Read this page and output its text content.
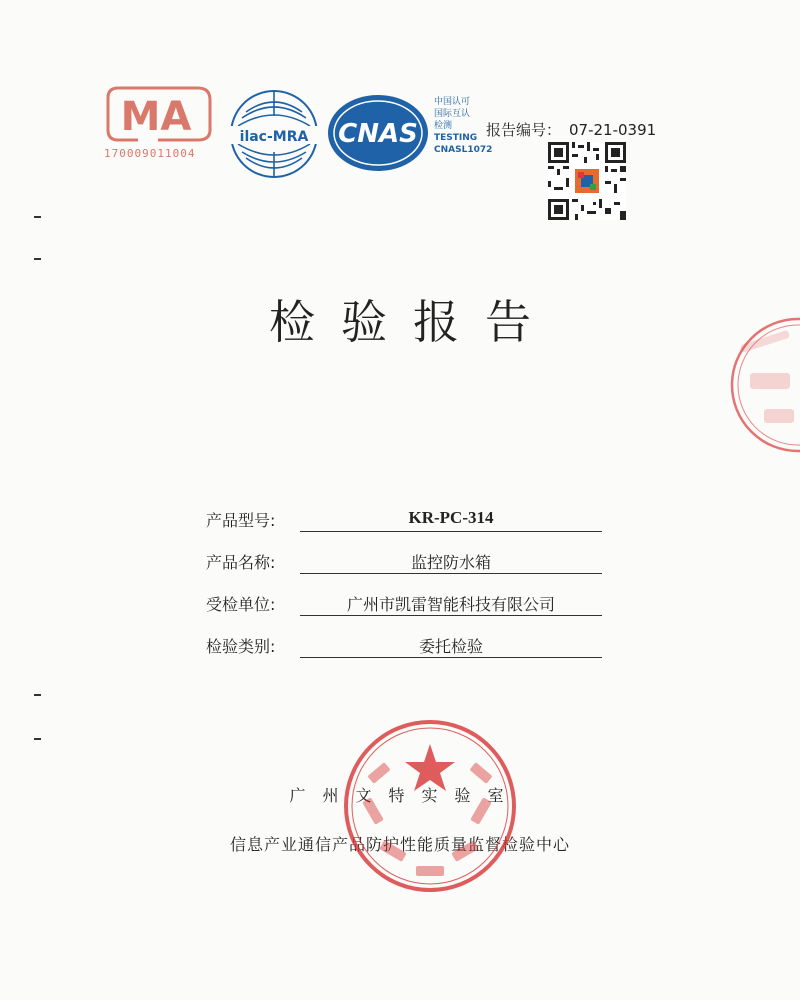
MA
170009011004
ilac-MRA CNAS
中国认可
国际互认
检测
TESTING
CNASL1072
报告编号： 07-21-0391
检验报告
产品型号:	KR-PC-314
产品名称:	监控防水箱
受检单位:	广州市凯雷智能科技有限公司
检验类别:	委托检验
广州文特实验室
信息产业通信产品防护性能质量监督检验中心
